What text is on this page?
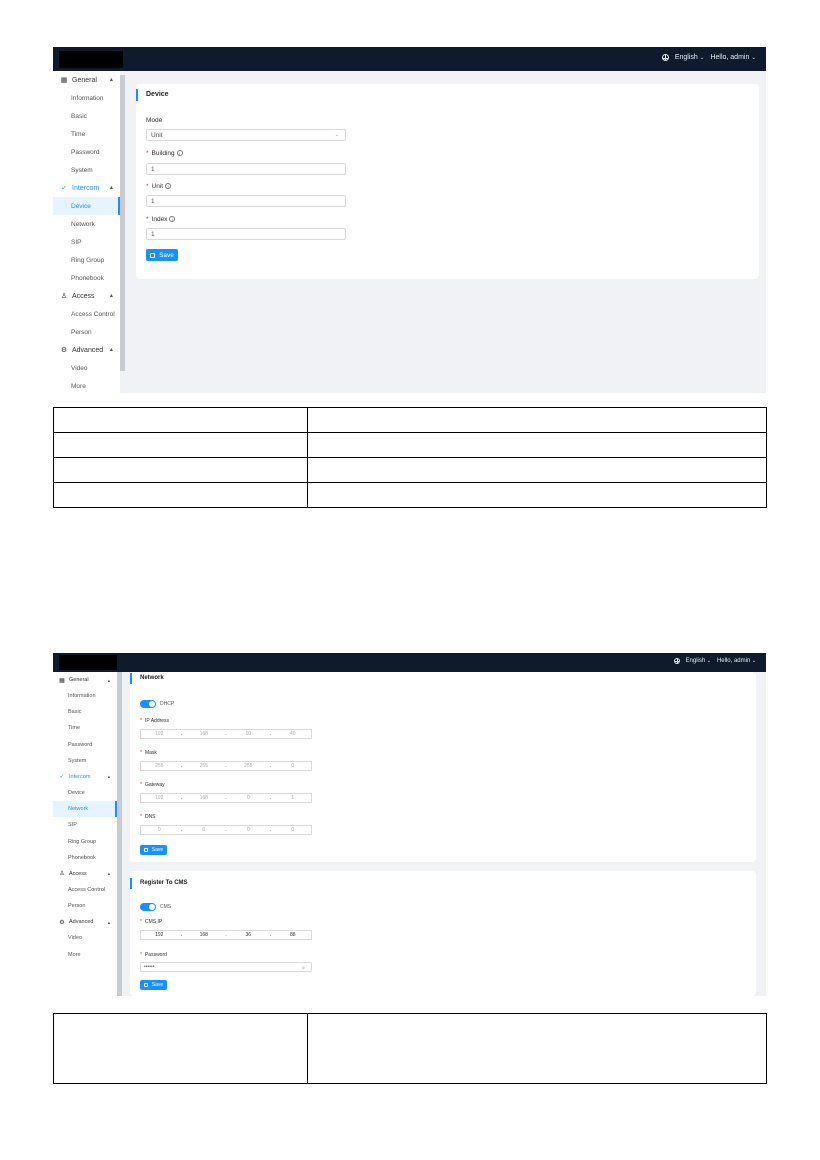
English ⌄ Hello, admin ⌄
▦ General ▲
Information
Basic
Time
Password
System
✓ Intercom ▲
Device
Network
SIP
Ring Group
Phonebook
♙ Access	▲
Access Control
Person
⚙ Advanced ▲
Video
More
Device
Mode
Unit	⌄
* Building i
1
* Unit i
1
* Index i
1
Save

English ⌄ Hello, admin ⌄
▦ General	▲
Information
Basic
Time
Password
System
✓ Intercom	▲
Device
Network
SIP
Ring Group
Phonebook
♙ Access	▲
Access Control
Person
⚙ Advanced	▲
Video
More
Network
DHCP
* IP Address
192	.	168	.	10	.	40
* Mask
255	.	255	.	255	.	0
* Gateway
192	.	168	.	0	.	1
* DNS
0	.	0	.	0	.	0
Save
Register To CMS
CMS
* CMS IP
192	.	168	.	36	.	88
* Password
••••••	⊘
Save
